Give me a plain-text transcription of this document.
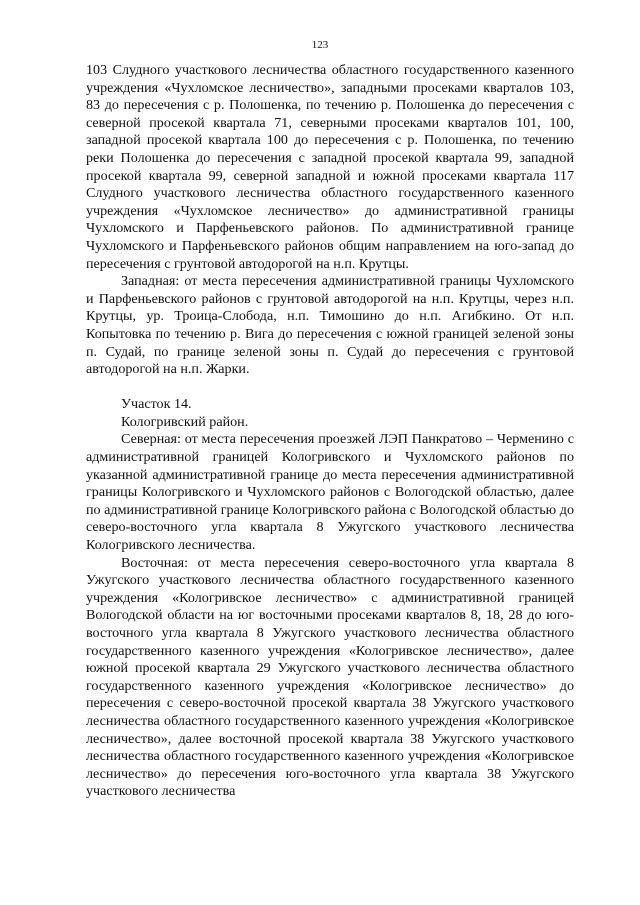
123

103 Слудного участкового лесничества областного государственного казенного учреждения «Чухломское лесничество», западными просеками кварталов 103, 83 до пересечения с р. Полошенка, по течению р. Полошенка до пересечения с северной просекой квартала 71, северными просеками кварталов 101, 100, западной просекой квартала 100 до пересечения с р. Полошенка, по течению реки Полошенка до пересечения с западной просекой квартала 99, западной просекой квартала 99, северной западной и южной просеками квартала 117 Слудного участкового лесничества областного государственного казенного учреждения «Чухломское лесничество» до административной границы Чухломского и Парфеньевского районов. По административной границе Чухломского и Парфеньевского районов общим направлением на юго-запад до пересечения с грунтовой автодорогой на н.п. Крутцы.

Западная: от места пересечения административной границы Чухломского и Парфеньевского районов с грунтовой автодорогой на н.п. Крутцы, через н.п. Крутцы, ур. Троица-Слобода, н.п. Тимошино до н.п. Агибкино. От н.п. Копытовка по течению р. Вига до пересечения с южной границей зеленой зоны п. Судай, по границе зеленой зоны п. Судай до пересечения с грунтовой автодорогой на н.п. Жарки.

Участок 14.

Кологривский район.

Северная: от места пересечения проезжей ЛЭП Панкратово – Черменино с административной границей Кологривского и Чухломского районов по указанной административной границе до места пересечения административной границы Кологривского и Чухломского районов с Вологодской областью, далее по административной границе Кологривского района с Вологодской областью до северо-восточного угла квартала 8 Ужугского участкового лесничества Кологривского лесничества.

Восточная: от места пересечения северо-восточного угла квартала 8 Ужугского участкового лесничества областного государственного казенного учреждения «Кологривское лесничество» с административной границей Вологодской области на юг восточными просеками кварталов 8, 18, 28 до юго-восточного угла квартала 8 Ужугского участкового лесничества областного государственного казенного учреждения «Кологривское лесничество», далее южной просекой квартала 29 Ужугского участкового лесничества областного государственного казенного учреждения «Кологривское лесничество» до пересечения с северо-восточной просекой квартала 38 Ужугского участкового лесничества областного государственного казенного учреждения «Кологривское лесничество», далее восточной просекой квартала 38 Ужугского участкового лесничества областного государственного казенного учреждения «Кологривское лесничество» до пересечения юго-восточного угла квартала 38 Ужугского участкового лесничества
